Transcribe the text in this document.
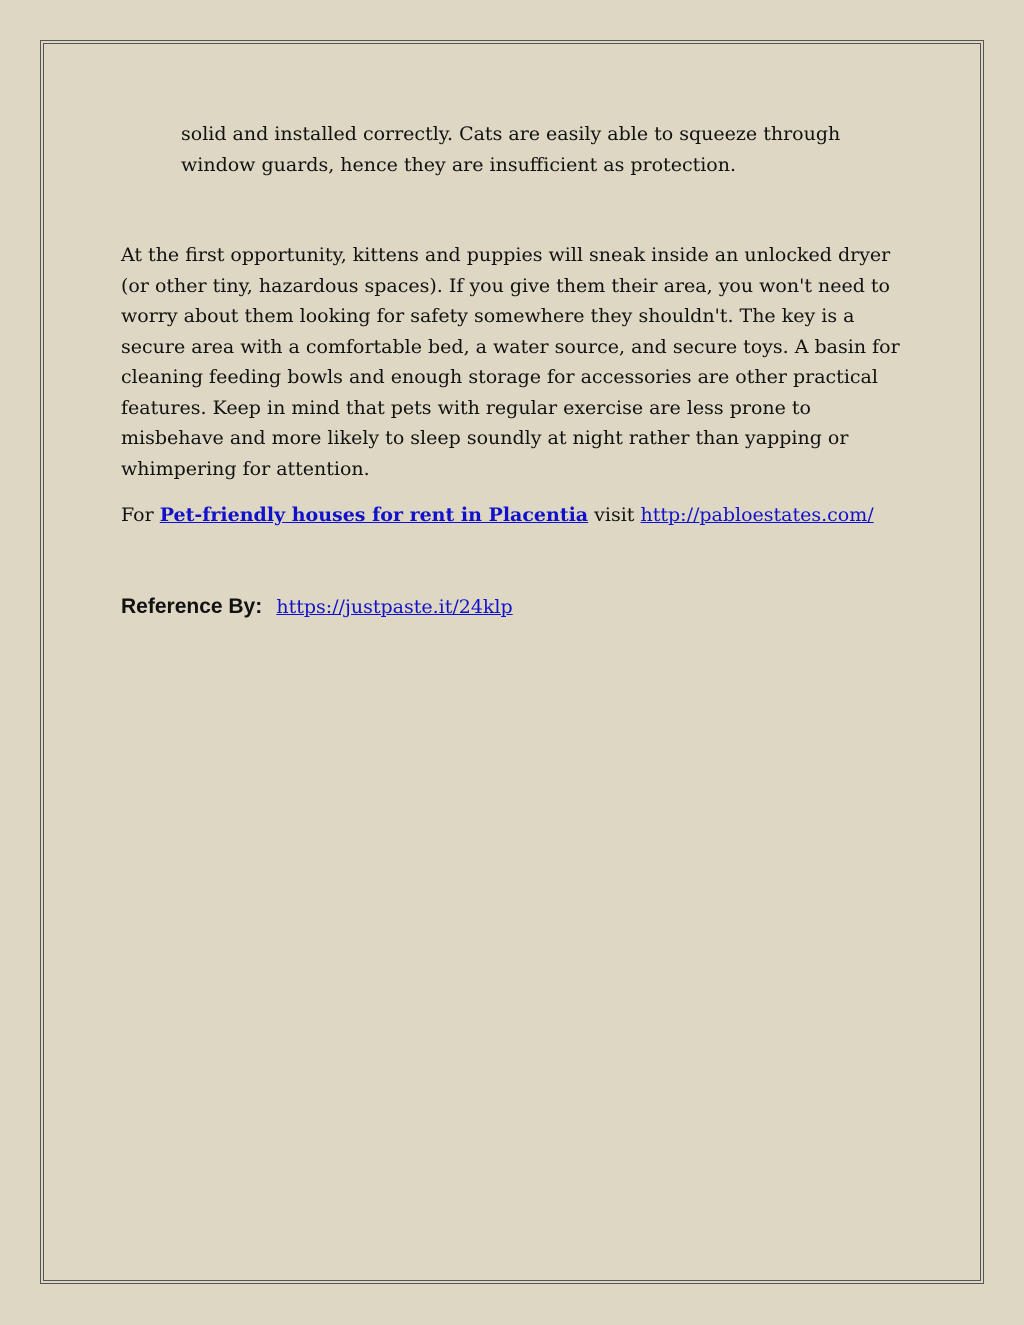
solid and installed correctly. Cats are easily able to squeeze through

window guards, hence they are insufficient as protection.

At the first opportunity, kittens and puppies will sneak inside an unlocked dryer

(or other tiny, hazardous spaces). If you give them their area, you won't need to

worry about them looking for safety somewhere they shouldn't. The key is a

secure area with a comfortable bed, a water source, and secure toys. A basin for

cleaning feeding bowls and enough storage for accessories are other practical

features. Keep in mind that pets with regular exercise are less prone to

misbehave and more likely to sleep soundly at night rather than yapping or

whimpering for attention.

For Pet-friendly houses for rent in Placentia visit http://pabloestates.com/
Reference By: https://justpaste.it/24klp
